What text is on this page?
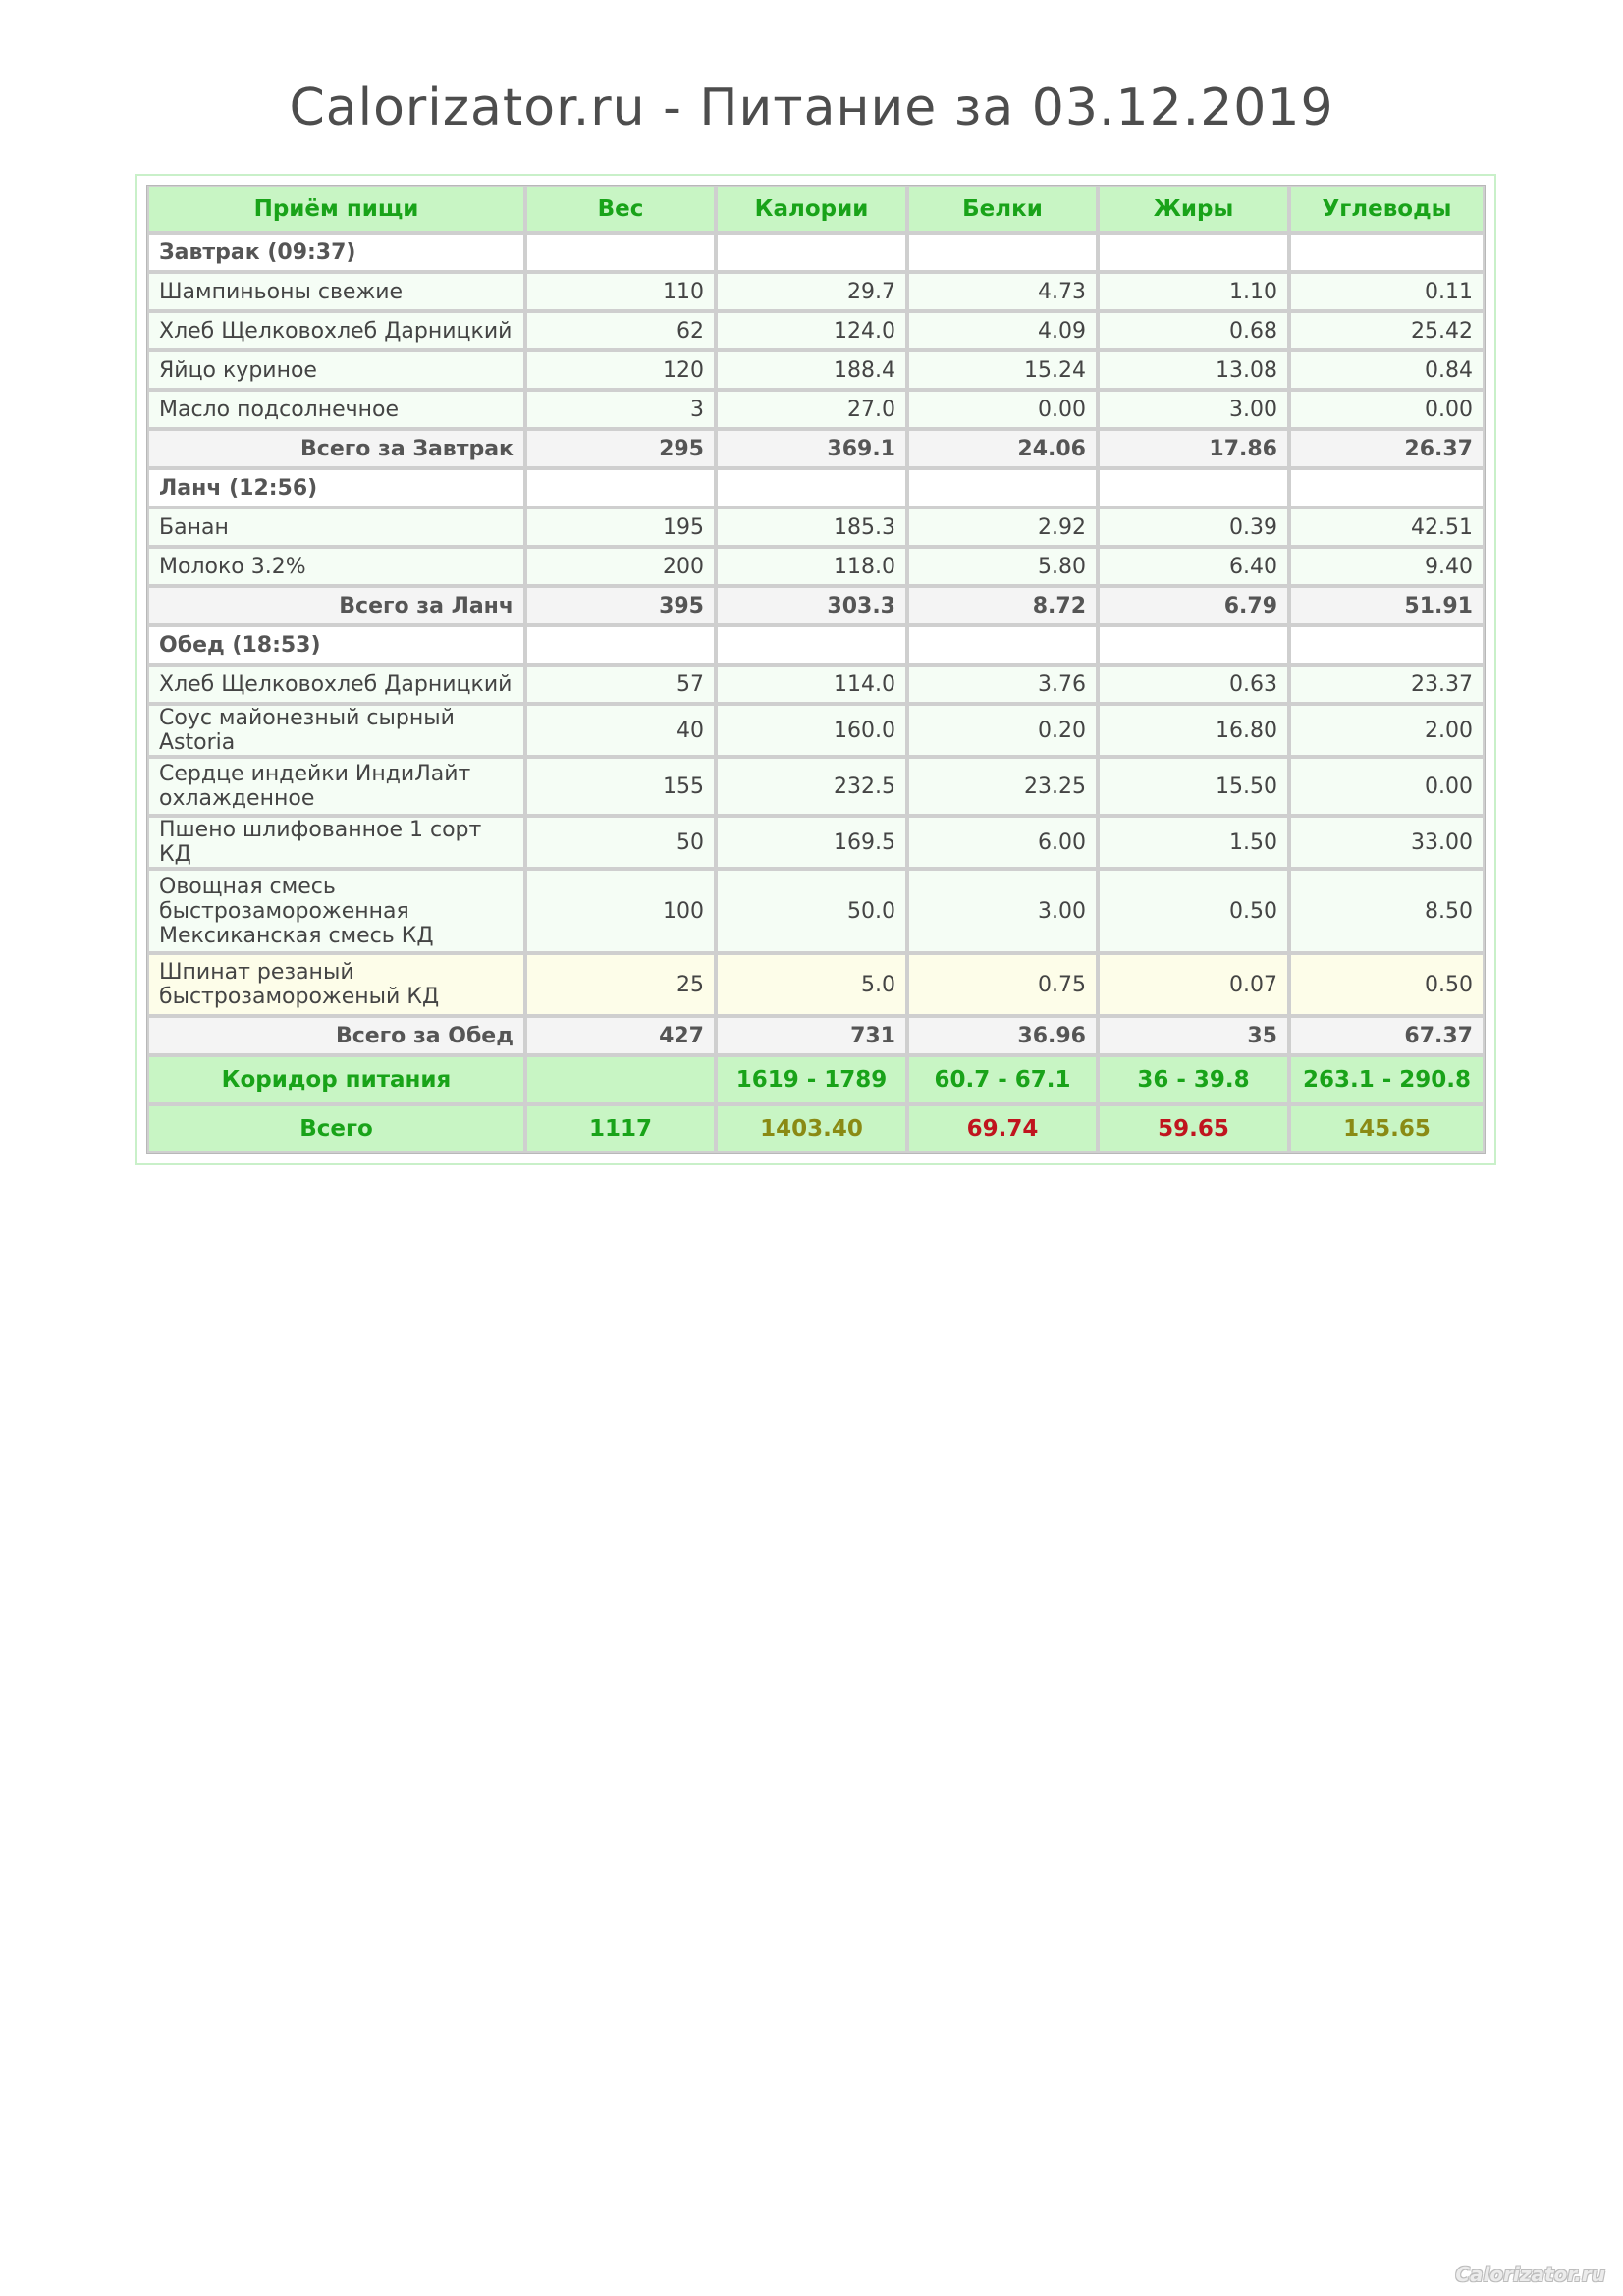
Calorizator.ru - Питание за 03.12.2019
Приём пищи	Вес	Калории	Белки	Жиры	Углеводы
Завтрак (09:37)					
Шампиньоны свежие	110	29.7	4.73	1.10	0.11
Хлеб Щелковохлеб Дарницкий	62	124.0	4.09	0.68	25.42
Яйцо куриное	120	188.4	15.24	13.08	0.84
Масло подсолнечное	3	27.0	0.00	3.00	0.00
Всего за Завтрак	295	369.1	24.06	17.86	26.37
Ланч (12:56)					
Банан	195	185.3	2.92	0.39	42.51
Молоко 3.2%	200	118.0	5.80	6.40	9.40
Всего за Ланч	395	303.3	8.72	6.79	51.91
Обед (18:53)					
Хлеб Щелковохлеб Дарницкий	57	114.0	3.76	0.63	23.37
Соус майонезный сырный Astoria	40	160.0	0.20	16.80	2.00
Сердце индейки ИндиЛайт охлажденное	155	232.5	23.25	15.50	0.00
Пшено шлифованное 1 сорт КД	50	169.5	6.00	1.50	33.00
Овощная смесь быстрозамороженная Мексиканская смесь КД	100	50.0	3.00	0.50	8.50
Шпинат резаный быстрозамороженый КД	25	5.0	0.75	0.07	0.50
Всего за Обед	427	731	36.96	35	67.37
Коридор питания		1619 - 1789	60.7 - 67.1	36 - 39.8	263.1 - 290.8
Всего	1117	1403.40	69.74	59.65	145.65
Calorizator.ru
